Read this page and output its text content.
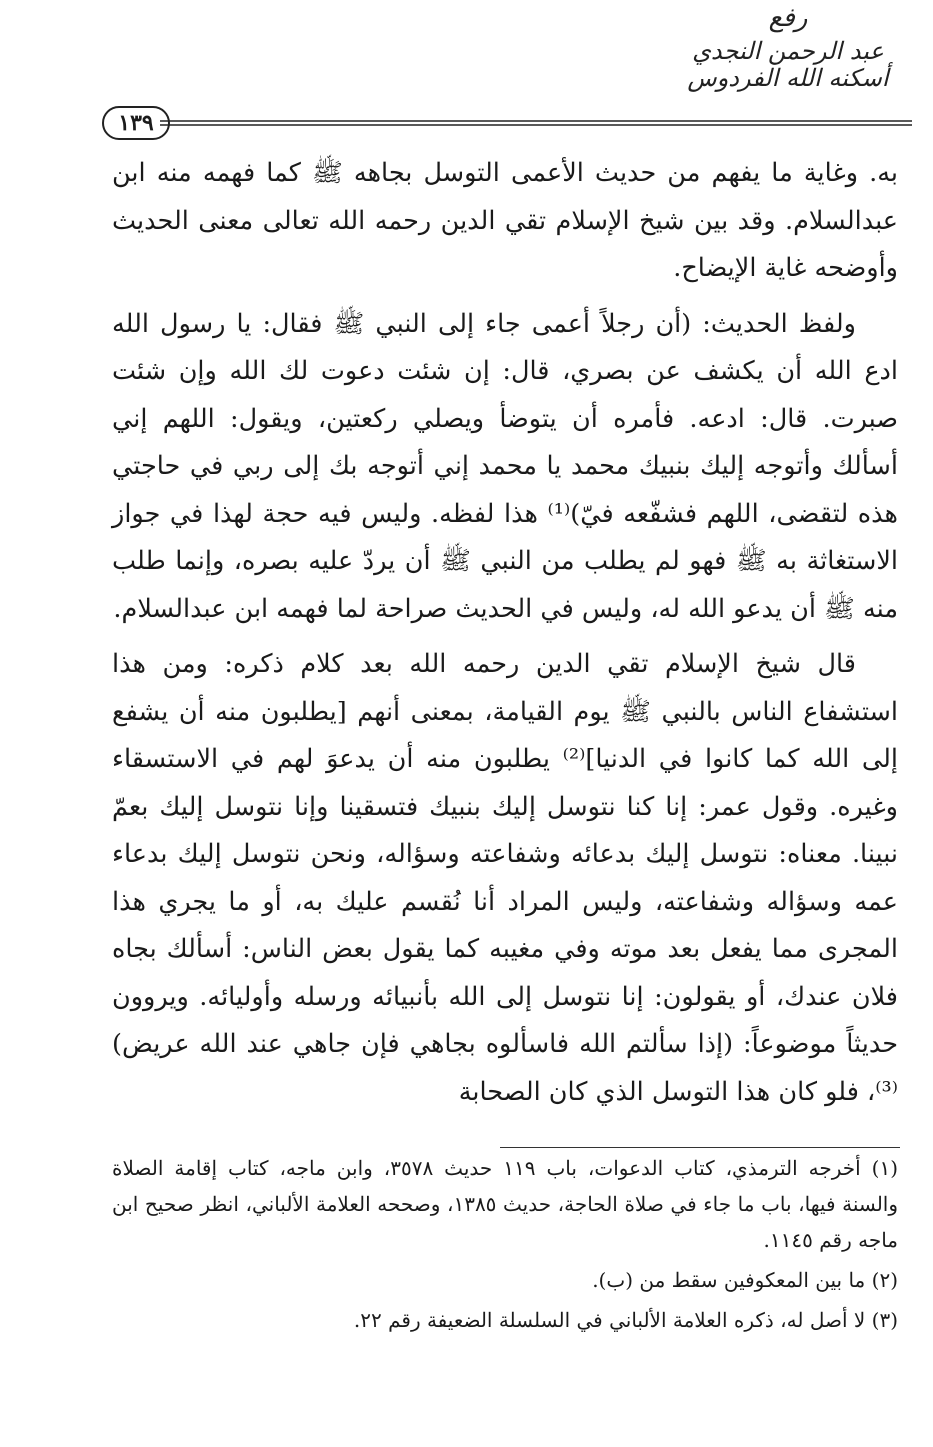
رفع
عبد الرحمن النجدي
أسكنه الله الفردوس
١٣٩

به. وغاية ما يفهم من حديث الأعمى التوسل بجاهه ﷺ كما فهمه منه ابن عبدالسلام. وقد بين شيخ الإسلام تقي الدين رحمه الله تعالى معنى الحديث وأوضحه غاية الإيضاح.

ولفظ الحديث: (أن رجلاً أعمى جاء إلى النبي ﷺ فقال: يا رسول الله ادع الله أن يكشف عن بصري، قال: إن شئت دعوت لك الله وإن شئت صبرت. قال: ادعه. فأمره أن يتوضأ ويصلي ركعتين، ويقول: اللهم إني أسألك وأتوجه إليك بنبيك محمد يا محمد إني أتوجه بك إلى ربي في حاجتي هذه لتقضى، اللهم فشفّعه فيّ)⁽¹⁾ هذا لفظه. وليس فيه حجة لهذا في جواز الاستغاثة به ﷺ فهو لم يطلب من النبي ﷺ أن يردّ عليه بصره، وإنما طلب منه ﷺ أن يدعو الله له، وليس في الحديث صراحة لما فهمه ابن عبدالسلام.

قال شيخ الإسلام تقي الدين رحمه الله بعد كلام ذكره: ومن هذا استشفاع الناس بالنبي ﷺ يوم القيامة، بمعنى أنهم [يطلبون منه أن يشفع إلى الله كما كانوا في الدنيا]⁽²⁾ يطلبون منه أن يدعوَ لهم في الاستسقاء وغيره. وقول عمر: إنا كنا نتوسل إليك بنبيك فتسقينا وإنا نتوسل إليك بعمّ نبينا. معناه: نتوسل إليك بدعائه وشفاعته وسؤاله، ونحن نتوسل إليك بدعاء عمه وسؤاله وشفاعته، وليس المراد أنا نُقسم عليك به، أو ما يجري هذا المجرى مما يفعل بعد موته وفي مغيبه كما يقول بعض الناس: أسألك بجاه فلان عندك، أو يقولون: إنا نتوسل إلى الله بأنبيائه ورسله وأوليائه. ويروون حديثاً موضوعاً: (إذا سألتم الله فاسألوه بجاهي فإن جاهي عند الله عريض)⁽³⁾، فلو كان هذا التوسل الذي كان الصحابة

(١) أخرجه الترمذي، كتاب الدعوات، باب ١١٩ حديث ٣٥٧٨، وابن ماجه، كتاب إقامة الصلاة والسنة فيها، باب ما جاء في صلاة الحاجة، حديث ١٣٨٥، وصححه العلامة الألباني، انظر صحيح ابن ماجه رقم ١١٤٥.

(٢) ما بين المعكوفين سقط من (ب).

(٣) لا أصل له، ذكره العلامة الألباني في السلسلة الضعيفة رقم ٢٢.
